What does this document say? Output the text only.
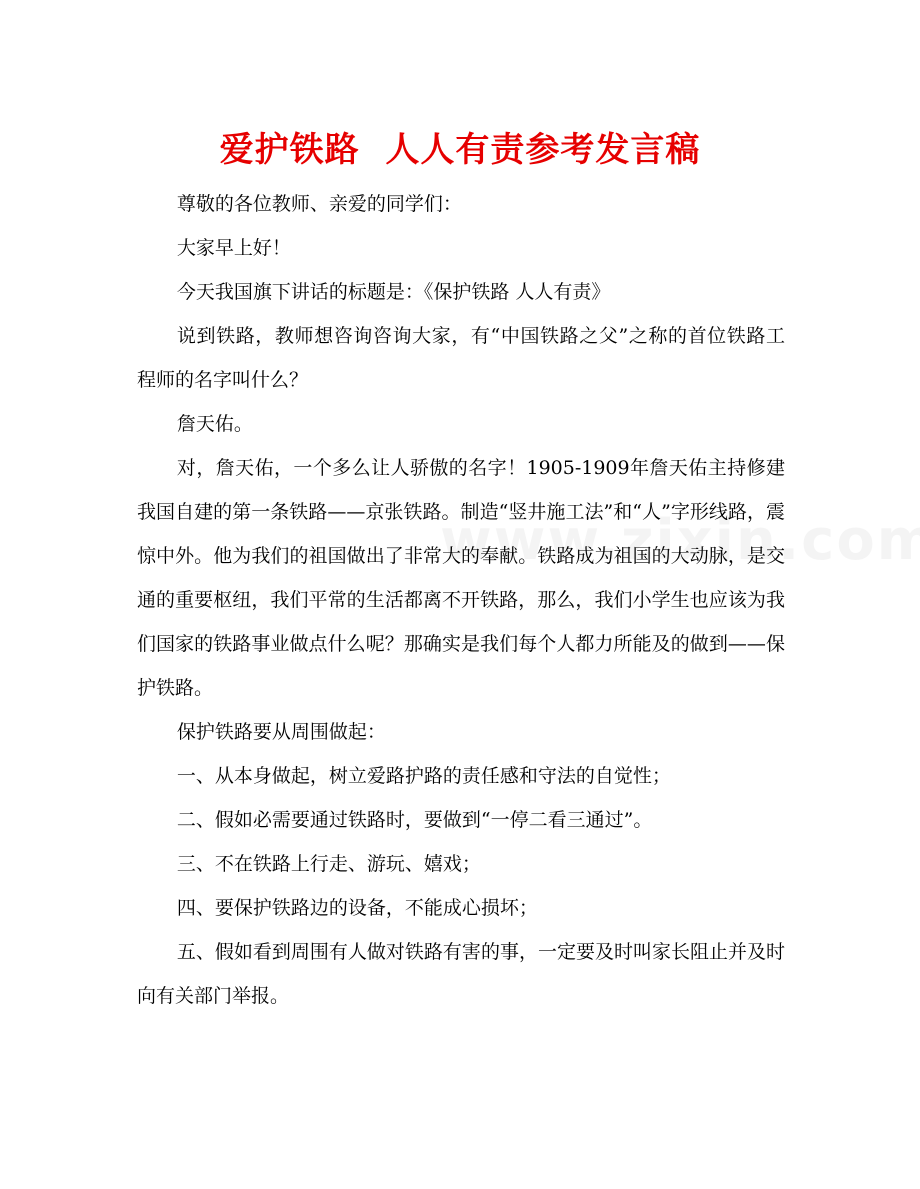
爱护铁路  人人有责参考发言稿

尊敬的各位教师、亲爱的同学们：

大家早上好！

今天我国旗下讲话的标题是：《保护铁路 人人有责》

说到铁路，教师想咨询咨询大家，有“中国铁路之父”之称的首位铁路工程师的名字叫什么？

詹天佑。

对，詹天佑，一个多么让人骄傲的名字！1905-1909年詹天佑主持修建我国自建的第一条铁路——京张铁路。制造“竖井施工法”和“人”字形线路，震惊中外。他为我们的祖国做出了非常大的奉献。铁路成为祖国的大动脉，是交通的重要枢纽，我们平常的生活都离不开铁路，那么，我们小学生也应该为我们国家的铁路事业做点什么呢？那确实是我们每个人都力所能及的做到——保护铁路。

保护铁路要从周围做起：

一、从本身做起，树立爱路护路的责任感和守法的自觉性；

二、假如必需要通过铁路时，要做到“一停二看三通过”。

三、不在铁路上行走、游玩、嬉戏；

四、要保护铁路边的设备，不能成心损坏；

五、假如看到周围有人做对铁路有害的事，一定要及时叫家长阻止并及时向有关部门举报。
